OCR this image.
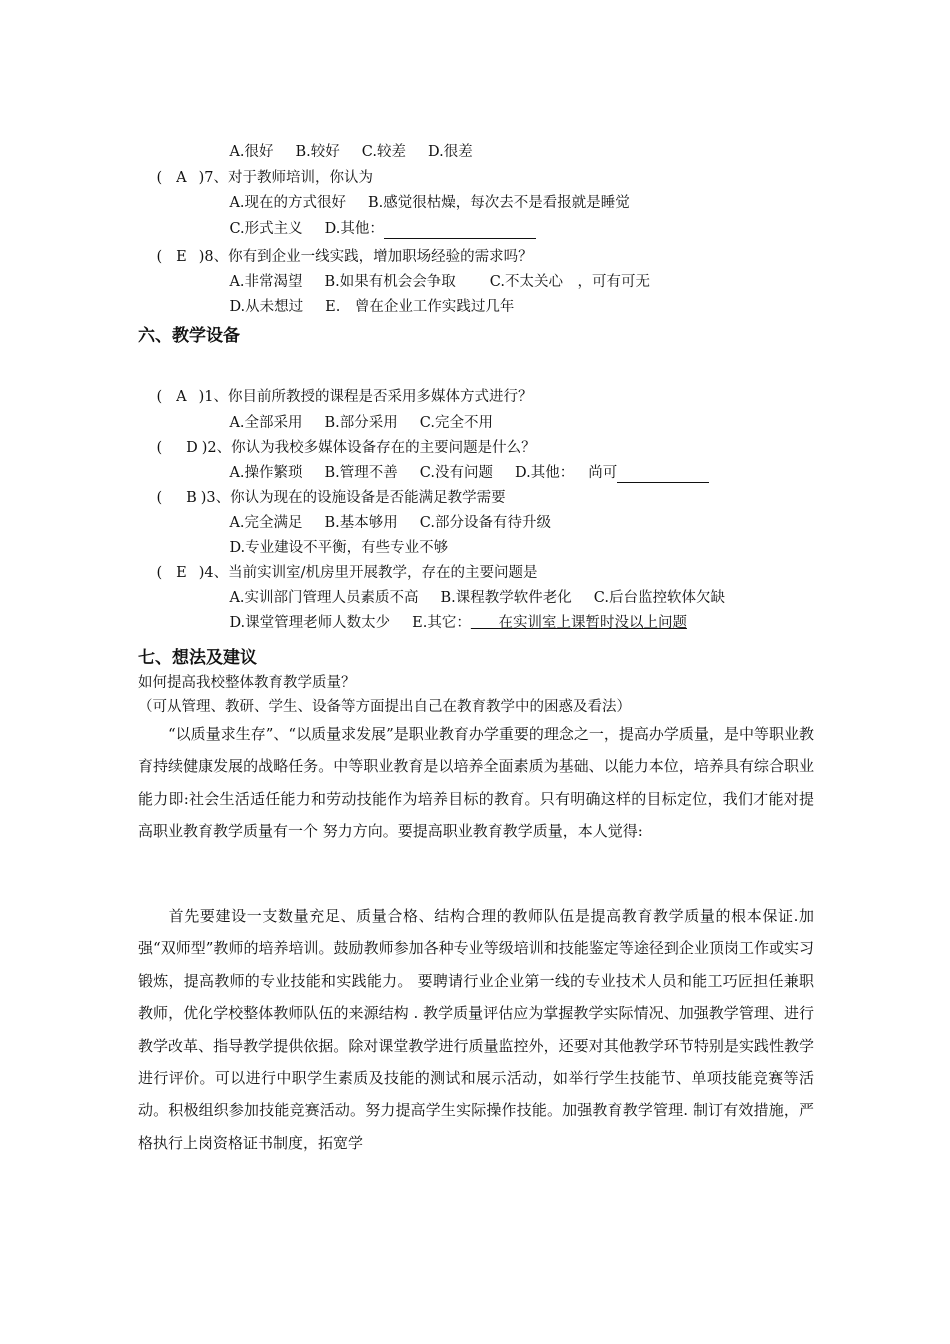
A.很好 B.较好 C.较差 D.很差

( A )7、对于教师培训，你认为

A.现在的方式很好 B.感觉很枯燥，每次去不是看报就是睡觉

C.形式主义 D.其他：

( E )8、你有到企业一线实践，增加职场经验的需求吗？

A.非常渴望 B.如果有机会会争取 C.不太关心　，可有可无

D.从未想过 E.　曾在企业工作实践过几年

六、教学设备

( A )1、你目前所教授的课程是否采用多媒体方式进行？

A.全部采用 B.部分采用 C.完全不用

( D )2、你认为我校多媒体设备存在的主要问题是什么？

A.操作繁琐 B.管理不善 C.没有问题 D.其他： 尚可

( B )3、你认为现在的设施设备是否能满足教学需要

A.完全满足 B.基本够用 C.部分设备有待升级

D.专业建设不平衡，有些专业不够

( E )4、当前实训室/机房里开展教学，存在的主要问题是

A.实训部门管理人员素质不高 B.课程教学软件老化 C.后台监控软体欠缺

D.课堂管理老师人数太少 E.其它： 在实训室上课暂时没以上问题

七、想法及建议
如何提高我校整体教育教学质量？
（可从管理、教研、学生、设备等方面提出自己在教育教学中的困惑及看法）
“以质量求生存”、“以质量求发展”是职业教育办学重要的理念之一，提高办学质量，是中等职业教育持续健康发展的战略任务。中等职业教育是以培养全面素质为基础、以能力本位，培养具有综合职业能力即:社会生活适任能力和劳动技能作为培养目标的教育。只有明确这样的目标定位，我们才能对提高职业教育教学质量有一个 努力方向。要提高职业教育教学质量，本人觉得:
首先要建设一支数量充足、质量合格、结构合理的教师队伍是提高教育教学质量的根本保证.加强“双师型”教师的培养培训。鼓励教师参加各种专业等级培训和技能鉴定等途径到企业顶岗工作或实习锻炼，提高教师的专业技能和实践能力。 要聘请行业企业第一线的专业技术人员和能工巧匠担任兼职教师，优化学校整体教师队伍的来源结构 . 教学质量评估应为掌握教学实际情况、加强教学管理、进行教学改革、指导教学提供依据。除对课堂教学进行质量监控外，还要对其他教学环节特别是实践性教学进行评价。可以进行中职学生素质及技能的测试和展示活动，如举行学生技能节、单项技能竞赛等活动。积极组织参加技能竞赛活动。努力提高学生实际操作技能。加强教育教学管理. 制订有效措施，严格执行上岗资格证书制度，拓宽学
